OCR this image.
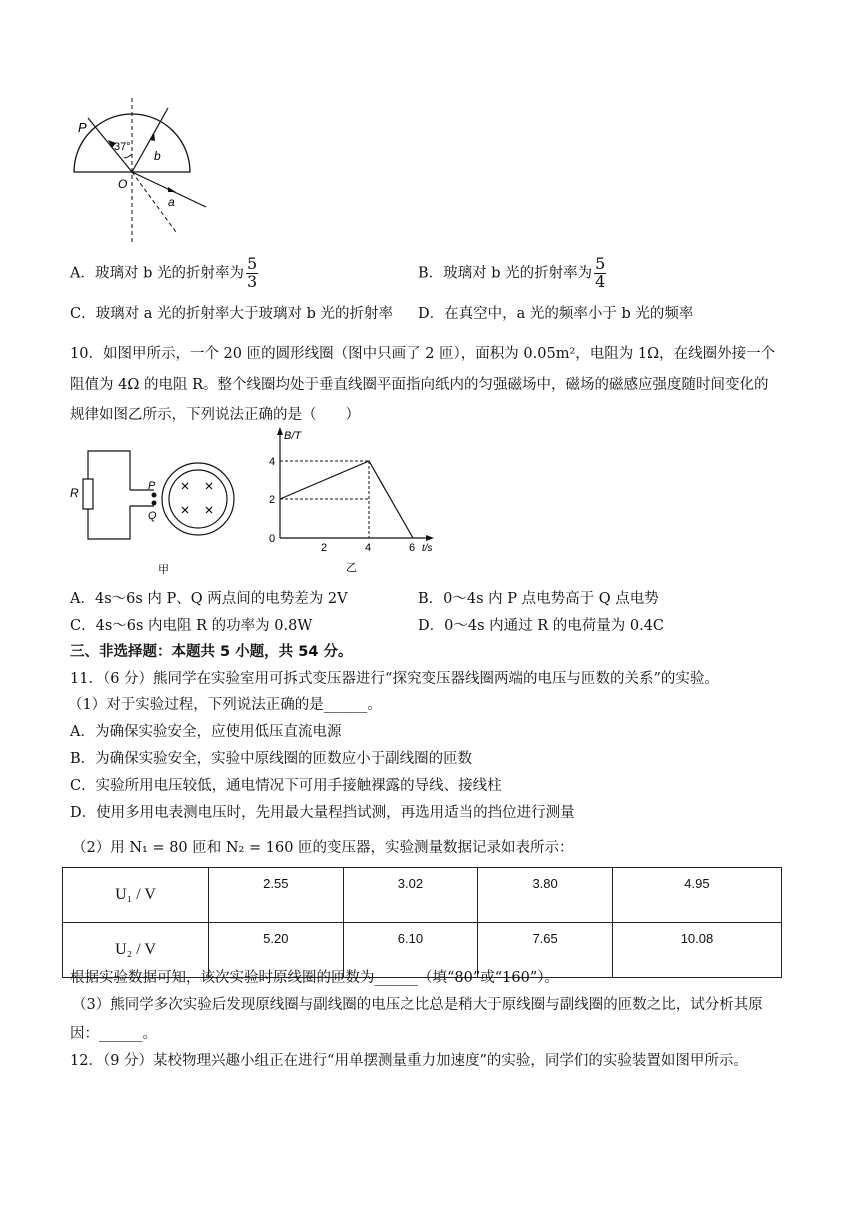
P
37°
b
O
a
A．玻璃对 b 光的折射率为 $\frac{5}{3}$	B．玻璃对 b 光的折射率为 $\frac{5}{4}$
C．玻璃对 a 光的折射率大于玻璃对 b 光的折射率 D．在真空中，a 光的频率小于 b 光的频率
10．如图甲所示，一个 20 匝的圆形线圈（图中只画了 2 匝），面积为 0.05m²，电阻为 1Ω，在线圈外接一个
阻值为 4Ω 的电阻 R。整个线圈均处于垂直线圈平面指向纸内的匀强磁场中，磁场的磁感应强度随时间变化的
规律如图乙所示，下列说法正确的是（　　）
R	P
Q
甲
B/T
4
2
0
2	4	6 t/s
乙
A．4s～6s 内 P、Q 两点间的电势差为 2V	B．0～4s 内 P 点电势高于 Q 点电势
C．4s～6s 内电阻 R 的功率为 0.8W	D．0～4s 内通过 R 的电荷量为 0.4C
三、非选择题：本题共 5 小题，共 54 分。
11．（6 分）熊同学在实验室用可拆式变压器进行“探究变压器线圈两端的电压与匝数的关系”的实验。
（1）对于实验过程，下列说法正确的是______。
A．为确保实验安全，应使用低压直流电源
B．为确保实验安全，实验中原线圈的匝数应小于副线圈的匝数
C．实验所用电压较低，通电情况下可用手接触裸露的导线、接线柱
D．使用多用电表测电压时，先用最大量程挡试测，再选用适当的挡位进行测量
（2）用 N₁ = 80 匝和 N₂ = 160 匝的变压器，实验测量数据记录如表所示：
U₁ / V	2.55	3.02	3.80	4.95
U₂ / V	5.20	6.10	7.65	10.08
根据实验数据可知，该次实验时原线圈的匝数为______（填“80”或“160”）。
（3）熊同学多次实验后发现原线圈与副线圈的电压之比总是稍大于原线圈与副线圈的匝数之比，试分析其原
因：______。
12．（9 分）某校物理兴趣小组正在进行“用单摆测量重力加速度”的实验，同学们的实验装置如图甲所示。
